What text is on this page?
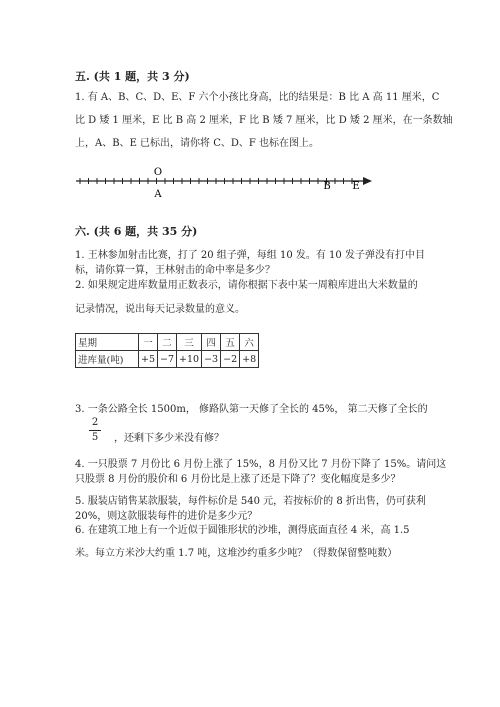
五. (共 1 题，共 3 分)
1. 有 A、B、C、D、E、F 六个小孩比身高，比的结果是：B 比 A 高 11 厘米，C
比 D 矮 1 厘米，E 比 B 高 2 厘米，F 比 B 矮 7 厘米，比 D 矮 2 厘米，在一条数轴
上，A、B、E 已标出，请你将 C、D、F 也标在图上。
O
A
B E
六. (共 6 题，共 35 分)
1. 王林参加射击比赛，打了 20 组子弹，每组 10 发。有 10 发子弹没有打中目
标，请你算一算，王林射击的命中率是多少？
2. 如果规定进库数量用正数表示，请你根据下表中某一周粮库进出大米数量的
记录情况，说出每天记录数量的意义。
星期	一	二	三	四	五	六
进库量(吨)	+5	−7	+10	−3	−2	+8
3. 一条公路全长 1500m， 修路队第一天修了全长的 45%， 第二天修了全长的
2
5 ，还剩下多少米没有修？
4. 一只股票 7 月份比 6 月份上涨了 15%，8 月份又比 7 月份下降了 15%。请问这
只股票 8 月份的股价和 6 月份比是上涨了还是下降了？变化幅度是多少？
5. 服装店销售某款服装，每件标价是 540 元，若按标价的 8 折出售，仍可获利
20%，则这款服装每件的进价是多少元？
6. 在建筑工地上有一个近似于圆锥形状的沙堆，测得底面直径 4 米，高 1.5
米。每立方米沙大约重 1.7 吨，这堆沙约重多少吨？（得数保留整吨数）
